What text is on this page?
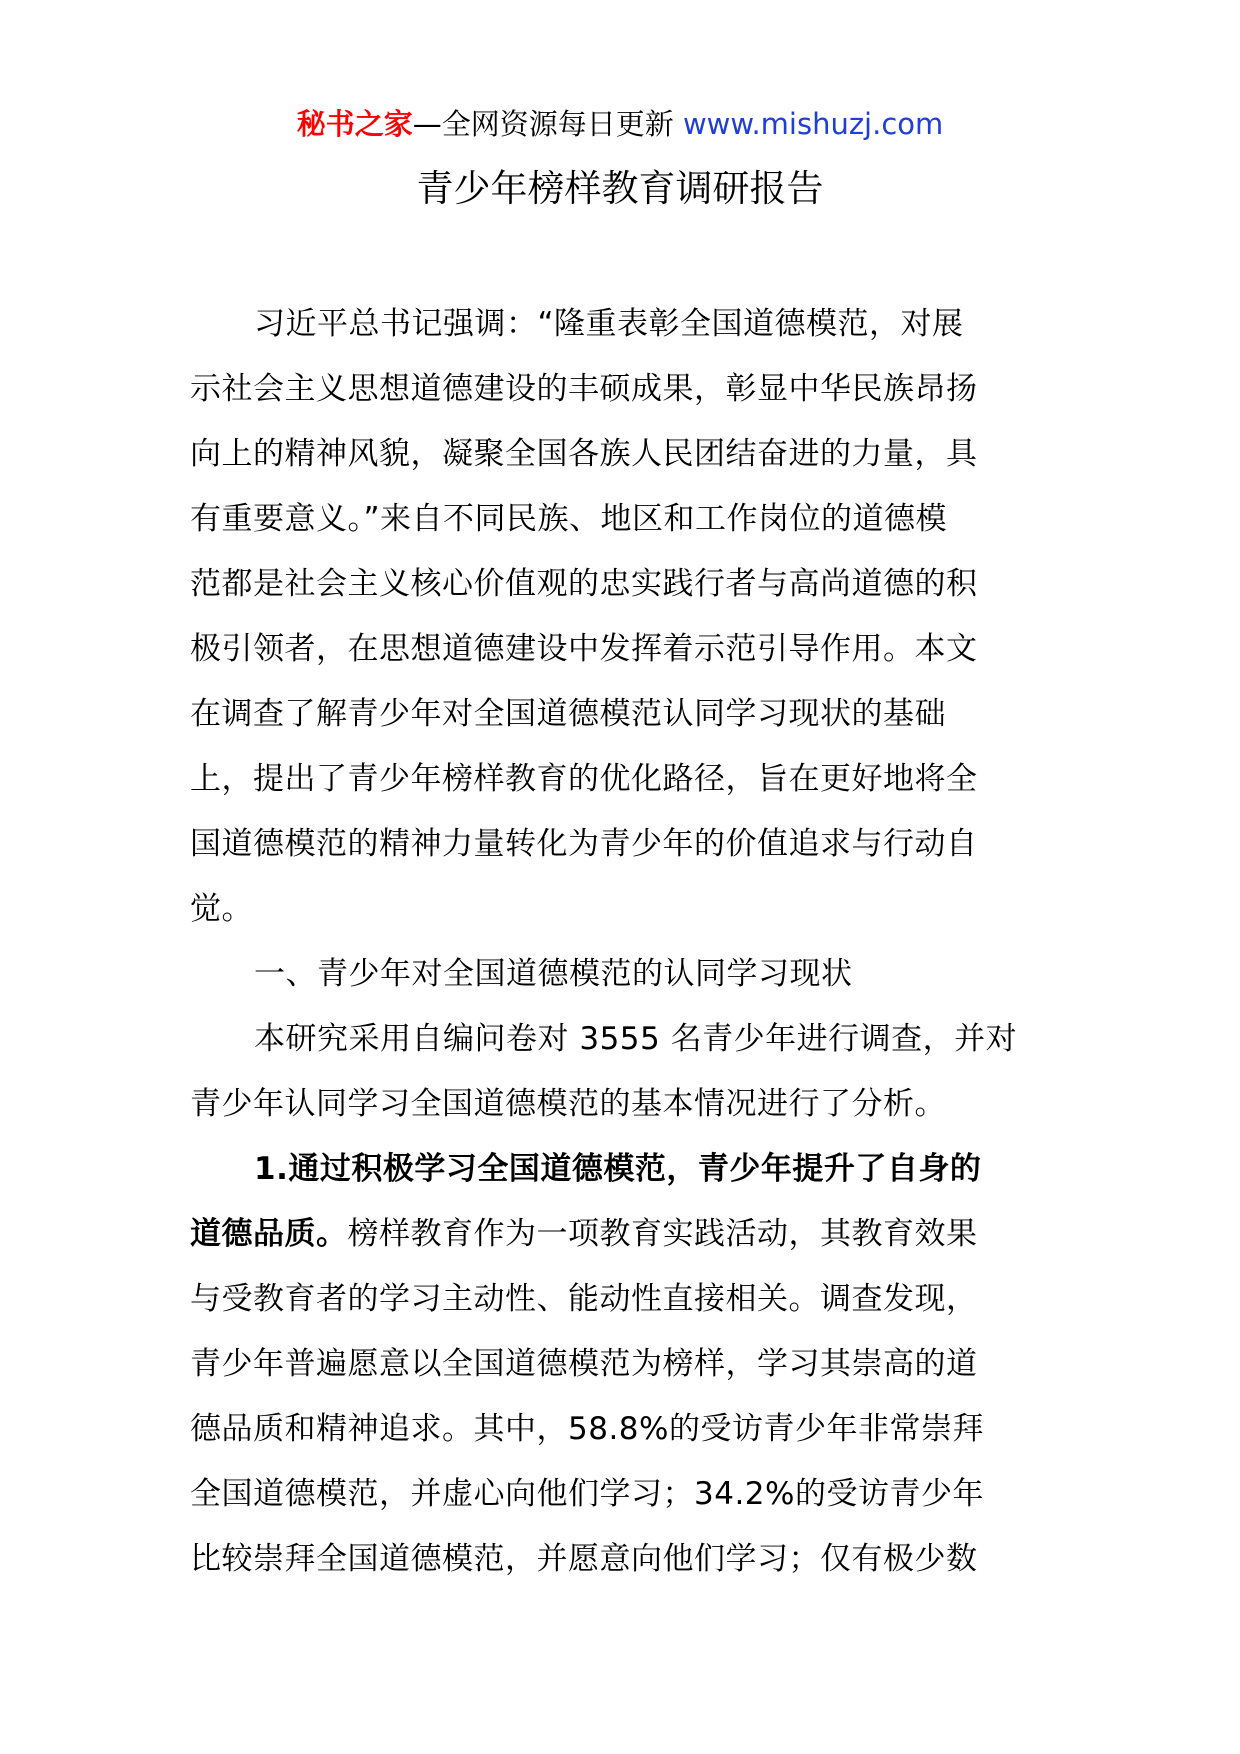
秘书之家—全网资源每日更新 www.mishuzj.com
青少年榜样教育调研报告
习近平总书记强调：“隆重表彰全国道德模范，对展
示社会主义思想道德建设的丰硕成果，彰显中华民族昂扬
向上的精神风貌，凝聚全国各族人民团结奋进的力量，具
有重要意义。”来自不同民族、地区和工作岗位的道德模
范都是社会主义核心价值观的忠实践行者与高尚道德的积
极引领者，在思想道德建设中发挥着示范引导作用。本文
在调查了解青少年对全国道德模范认同学习现状的基础
上，提出了青少年榜样教育的优化路径，旨在更好地将全
国道德模范的精神力量转化为青少年的价值追求与行动自
觉。
一、青少年对全国道德模范的认同学习现状
本研究采用自编问卷对 3555 名青少年进行调查，并对
青少年认同学习全国道德模范的基本情况进行了分析。
1.通过积极学习全国道德模范，青少年提升了自身的
道德品质。榜样教育作为一项教育实践活动，其教育效果
与受教育者的学习主动性、能动性直接相关。调查发现，
青少年普遍愿意以全国道德模范为榜样，学习其崇高的道
德品质和精神追求。其中，58.8%的受访青少年非常崇拜
全国道德模范，并虚心向他们学习；34.2%的受访青少年
比较崇拜全国道德模范，并愿意向他们学习；仅有极少数
